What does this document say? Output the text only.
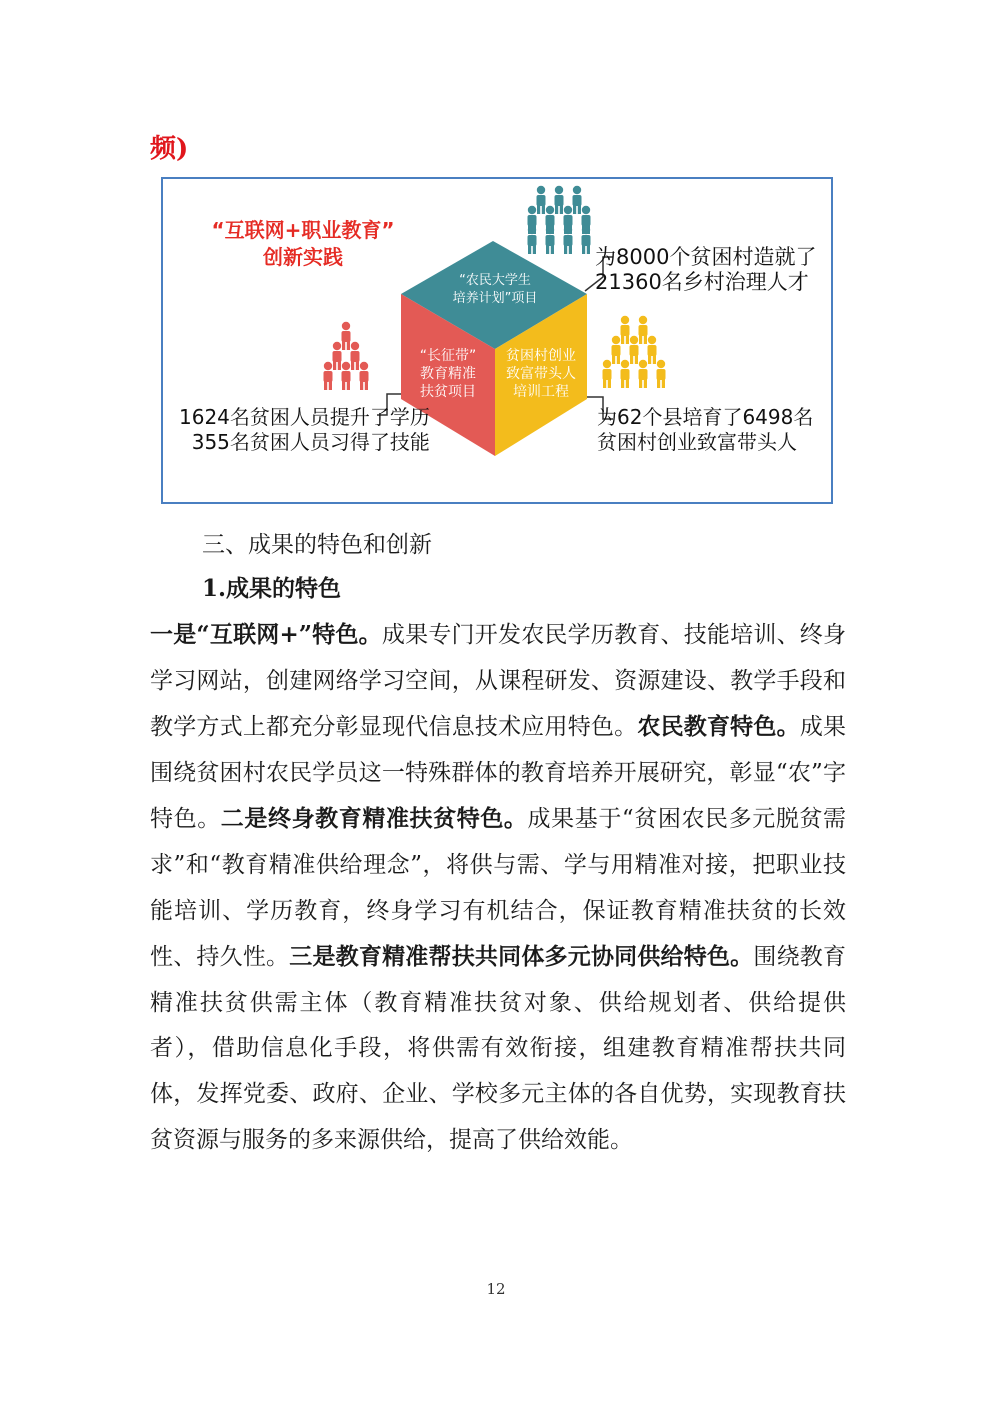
频)
“互联网+职业教育”
创新实践
“农民大学生
培养计划”项目
“长征带”
教育精准
扶贫项目
贫困村创业
致富带头人
培训工程
为8000个贫困村造就了
21360名乡村治理人才
为62个县培育了6498名
贫困村创业致富带头人
1624名贫困人员提升了学历
355名贫困人员习得了技能
三、成果的特色和创新
1.成果的特色
一是“互联网+”特色。成果专门开发农民学历教育、技能培训、终身学习网站，创建网络学习空间，从课程研发、资源建设、教学手段和教学方式上都充分彰显现代信息技术应用特色。农民教育特色。成果围绕贫困村农民学员这一特殊群体的教育培养开展研究，彰显“农”字特色。二是终身教育精准扶贫特色。成果基于“贫困农民多元脱贫需求”和“教育精准供给理念”，将供与需、学与用精准对接，把职业技能培训、学历教育，终身学习有机结合，保证教育精准扶贫的长效性、持久性。三是教育精准帮扶共同体多元协同供给特色。围绕教育精准扶贫供需主体（教育精准扶贫对象、供给规划者、供给提供者），借助信息化手段，将供需有效衔接，组建教育精准帮扶共同体，发挥党委、政府、企业、学校多元主体的各自优势，实现教育扶贫资源与服务的多来源供给，提高了供给效能。
12
